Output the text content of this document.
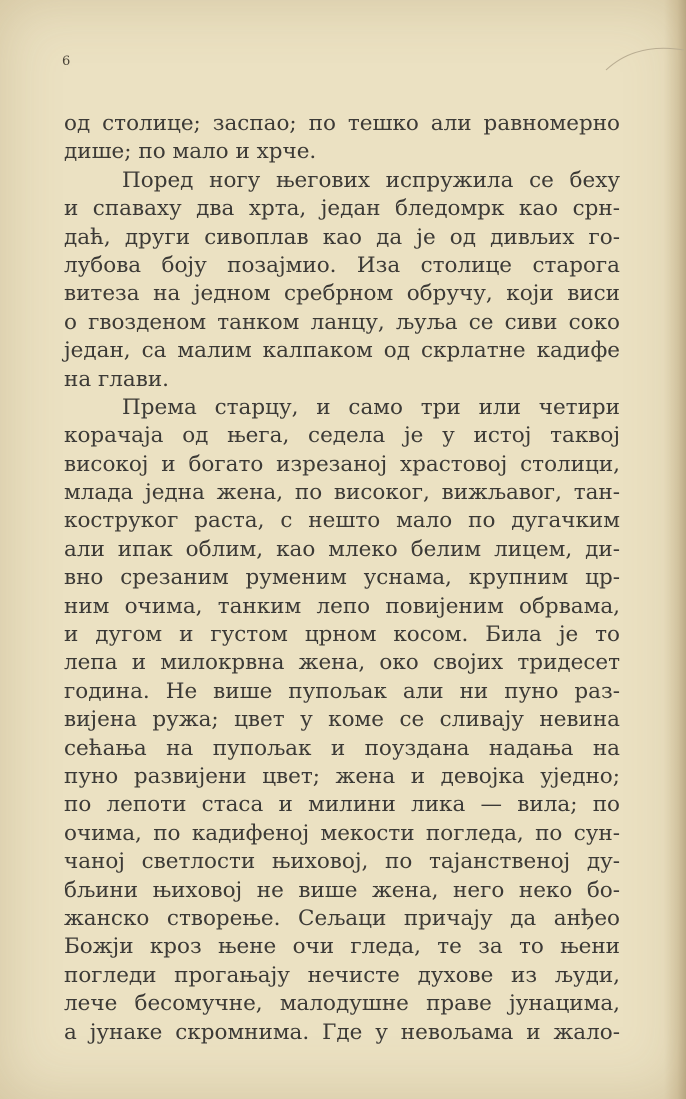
6
од столице; заспао; по тешко али равномерно
дише; по мало и хрче.
Поред ногу његових испружила се беху
и спаваху два хрта, један бледомрк као срн-
даћ, други сивоплав као да је од дивљих го-
лубова боју позајмио. Иза столице старога
витеза на једном сребрном обручу, који виси
о гвозденом танком ланцу, љуља се сиви соко
један, са малим калпаком од скрлатне кадифе
на глави.
Према старцу, и само три или четири
корачаја од њега, седела је у истој таквој
високој и богато изрезаној храстовој столици,
млада једна жена, по високог, вижљавог, тан-
коструког раста, с нешто мало по дугачким
али ипак облим, као млеко белим лицем, ди-
вно срезаним руменим уснама, крупним цр-
ним очима, танким лепо повијеним обрвама,
и дугом и густом црном косом. Била је то
лепа и милокрвна жена, око својих тридесет
година. Не више пупољак али ни пуно раз-
вијена ружа; цвет у коме се сливају невина
сећања на пупољак и поуздана надања на
пуно развијени цвет; жена и девојка уједно;
по лепоти стаса и милини лика — вила; по
очима, по кадифеној мекости погледа, по сун-
чаној светлости њиховој, по тајанственој ду-
бљини њиховој не више жена, него неко бо-
жанско створење. Сељаци причају да анђео
Божји кроз њене очи гледа, те за то њени
погледи прогањају нечисте духове из људи,
лече бесомучне, малодушне праве јунацима,
а јунаке скромнима. Где у невољама и жало-
